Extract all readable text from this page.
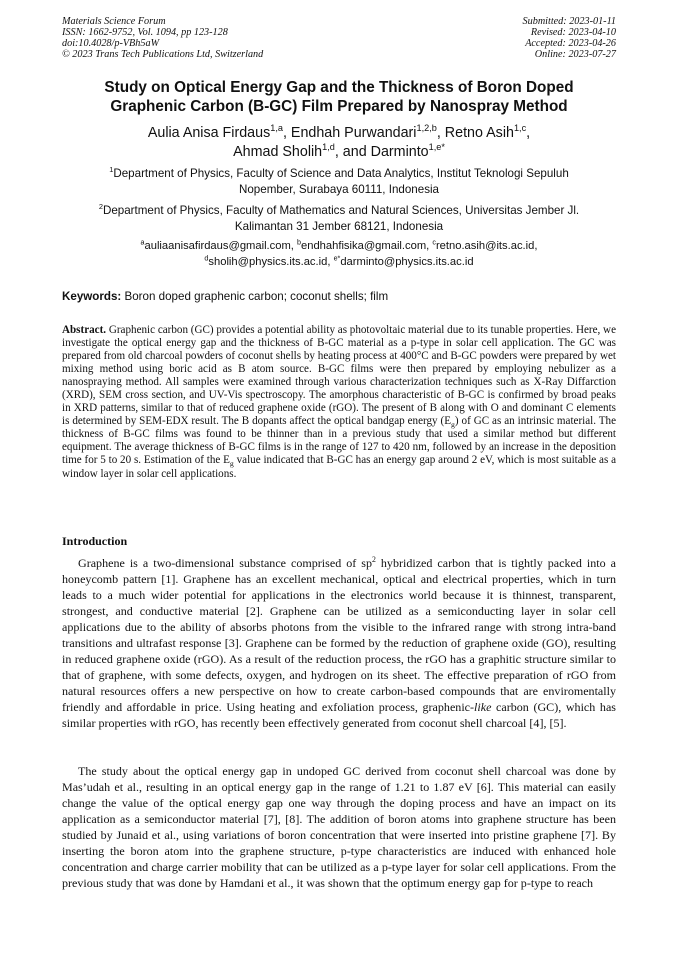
Materials Science Forum
ISSN: 1662-9752, Vol. 1094, pp 123-128
doi:10.4028/p-VBh5aW
© 2023 Trans Tech Publications Ltd, Switzerland
Submitted: 2023-01-11
Revised: 2023-04-10
Accepted: 2023-04-26
Online: 2023-07-27
Study on Optical Energy Gap and the Thickness of Boron Doped
Graphenic Carbon (B-GC) Film Prepared by Nanospray Method
Aulia Anisa Firdaus$^{1,a}$, Endhah Purwandari$^{1,2,b}$, Retno Asih$^{1,c}$,
Ahmad Sholih$^{1,d}$, and Darminto$^{1,e*}$
$^1$Department of Physics, Faculty of Science and Data Analytics, Institut Teknologi Sepuluh
Nopember, Surabaya 60111, Indonesia
$^2$Department of Physics, Faculty of Mathematics and Natural Sciences, Universitas Jember Jl.
Kalimantan 31 Jember 68121, Indonesia
$^a$auliaanisafirdaus@gmail.com, $^b$endhahfisika@gmail.com, $^c$retno.asih@its.ac.id,
$^d$sholih@physics.its.ac.id, $^{e*}$darminto@physics.its.ac.id
Keywords: Boron doped graphenic carbon; coconut shells; film
Abstract. Graphenic carbon (GC) provides a potential ability as photovoltaic material due to its tunable properties. Here, we investigate the optical energy gap and the thickness of B-GC material as a p-type in solar cell application. The GC was prepared from old charcoal powders of coconut shells by heating process at 400°C and B-GC powders were prepared by wet mixing method using boric acid as B atom source. B-GC films were then prepared by employing nebulizer as a nanospraying method. All samples were examined through various characterization techniques such as X-Ray Diffarction (XRD), SEM cross section, and UV-Vis spectroscopy. The amorphous characteristic of B-GC is confirmed by broad peaks in XRD patterns, similar to that of reduced graphene oxide (rGO). The present of B along with O and dominant C elements is determined by SEM-EDX result. The B dopants affect the optical bandgap energy $(E_g)$ of GC as an intrinsic material. The thickness of B-GC films was found to be thinner than in a previous study that used a similar method but different equipment. The average thickness of B-GC films is in the range of 127 to 420 nm, followed by an increase in the deposition time for 5 to 20 s. Estimation of the $E_g$ value indicated that B-GC has an energy gap around 2 eV, which is most suitable as a window layer in solar cell applications.
Introduction

Graphene is a two-dimensional substance comprised of $sp^2$ hybridized carbon that is tightly packed into a honeycomb pattern [1]. Graphene has an excellent mechanical, optical and electrical properties, which in turn leads to a much wider potential for applications in the electronics world because it is thinnest, transparent, strongest, and conductive material [2]. Graphene can be utilized as a semiconducting layer in solar cell applications due to the ability of absorbs photons from the visible to the infrared range with strong intra-band transitions and ultrafast response [3]. Graphene can be formed by the reduction of graphene oxide (GO), resulting in reduced graphene oxide (rGO). As a result of the reduction process, the rGO has a graphitic structure similar to that of graphene, with some defects, oxygen, and hydrogen on its sheet. The effective preparation of rGO from natural resources offers a new perspective on how to create carbon-based compounds that are enviromentally friendly and affordable in price. Using heating and exfoliation process, graphenic-like carbon (GC), which has similar properties with rGO, has recently been effectively generated from coconut shell charcoal [4], [5].

The study about the optical energy gap in undoped GC derived from coconut shell charcoal was done by Mas’udah et al., resulting in an optical energy gap in the range of 1.21 to 1.87 eV [6]. This material can easily change the value of the optical energy gap one way through the doping process and have an impact on its application as a semiconductor material [7], [8]. The addition of boron atoms into graphene structure has been studied by Junaid et al., using variations of boron concentration that were inserted into pristine graphene [7]. By inserting the boron atom into the graphene structure, p-type characteristics are induced with enhanced hole concentration and charge carrier mobility that can be utilized as a p-type layer for solar cell applications. From the previous study that was done by Hamdani et al., it was shown that the optimum energy gap for p-type to reach
